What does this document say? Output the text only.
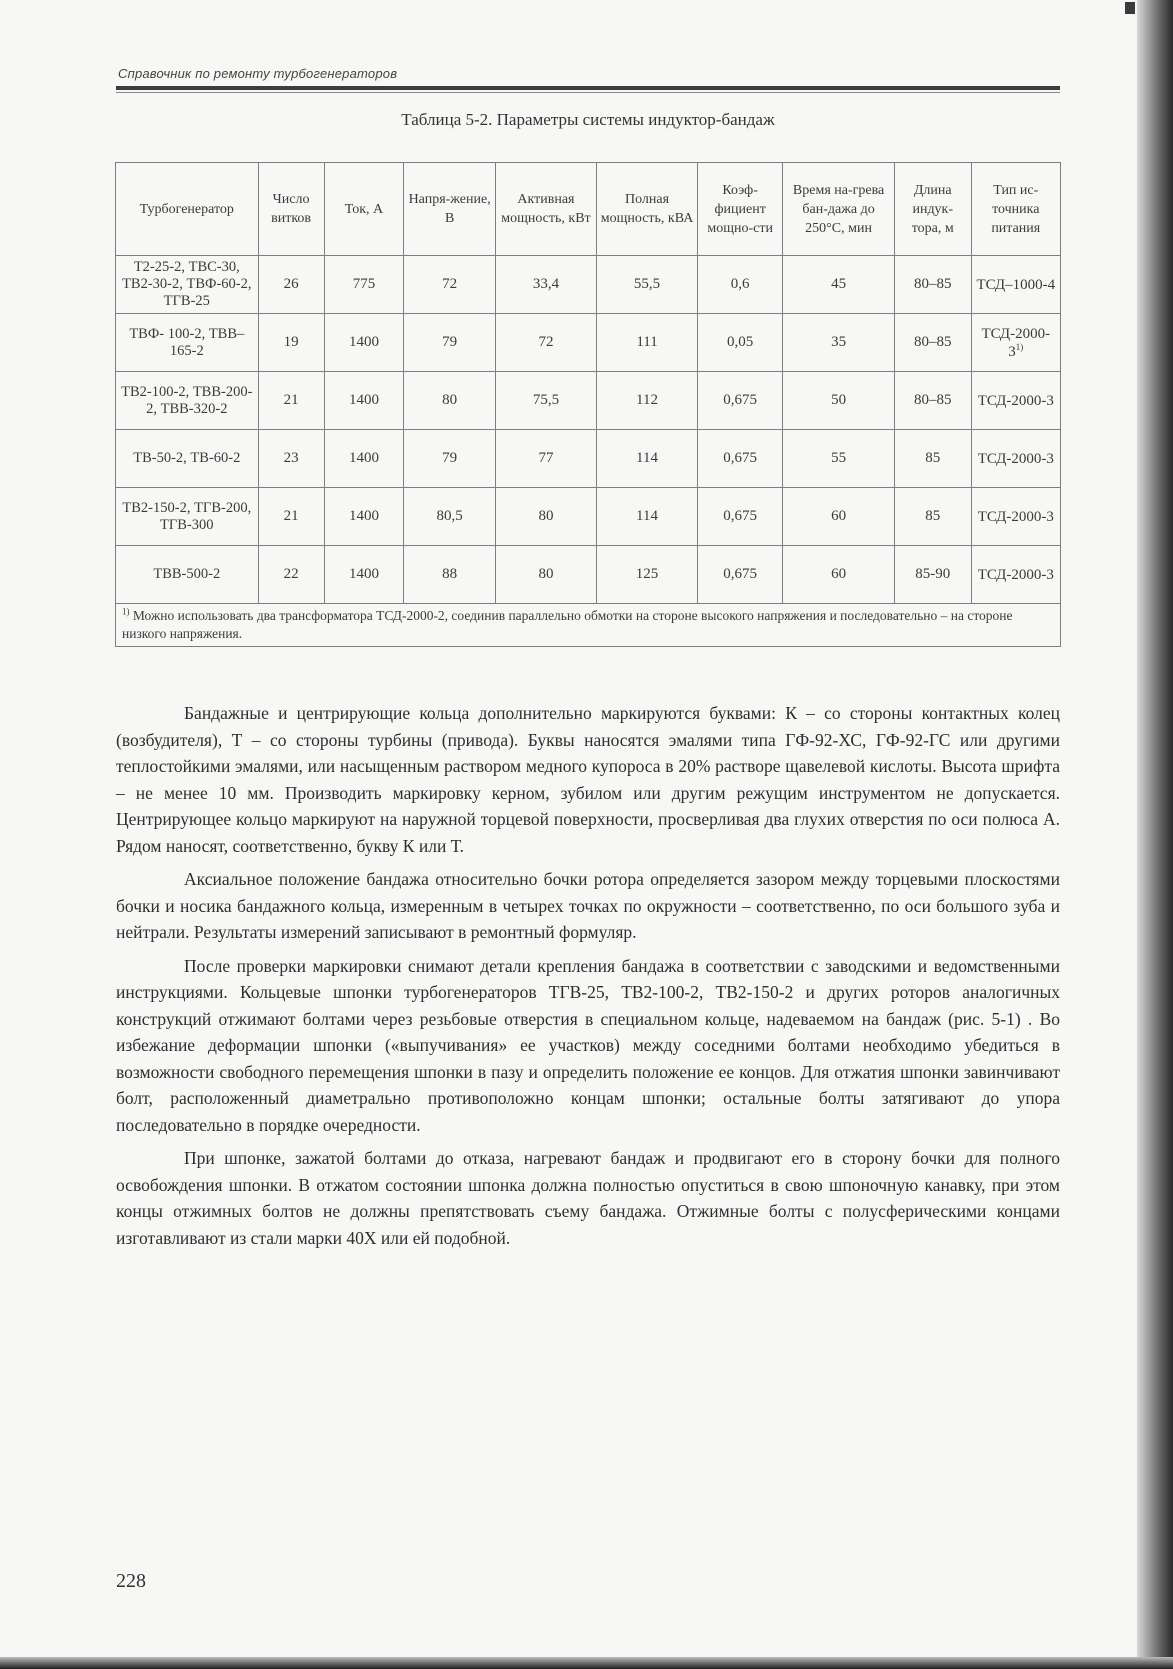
Справочник по ремонту турбогенераторов
Таблица 5-2. Параметры системы индуктор-бандаж
Турбогенератор	Число витков	Ток, А	Напря-жение, В	Активная мощность, кВт	Полная мощность, кВА	Коэф-фициент мощно-сти	Время на-грева бан-дажа до 250°С, мин	Длина индук-тора, м	Тип ис-точника питания
Т2-25-2, ТВС-30, ТВ2-30-2, ТВФ-60-2, ТГВ-25	26	775	72	33,4	55,5	0,6	45	80–85	ТСД–1000-4
ТВФ- 100-2, ТВВ– 165-2	19	1400	79	72	111	0,05	35	80–85	ТСД-2000-3$^{1)}$
ТВ2-100-2, ТВВ-200-2, ТВВ-320-2	21	1400	80	75,5	112	0,675	50	80–85	ТСД-2000-3
ТВ-50-2, ТВ-60-2	23	1400	79	77	114	0,675	55	85	ТСД-2000-3
ТВ2-150-2, ТГВ-200, ТГВ-300	21	1400	80,5	80	114	0,675	60	85	ТСД-2000-3
ТВВ-500-2	22	1400	88	80	125	0,675	60	85-90	ТСД-2000-3
$^{1)}$ Можно использовать два трансформатора ТСД-2000-2, соединив параллельно обмотки на стороне высокого напряжения и последовательно – на стороне низкого напряжения.									

Бандажные и центрирующие кольца дополнительно маркируются буквами: К – со стороны контактных колец (возбудителя), Т – со стороны турбины (привода). Буквы наносятся эмалями типа ГФ-92-ХС, ГФ-92-ГС или другими теплостойкими эмалями, или насыщенным раствором медного купороса в 20% растворе щавелевой кислоты. Высота шрифта – не менее 10 мм. Производить маркировку керном, зубилом или другим режущим инструментом не допускается. Центрирующее кольцо маркируют на наружной торцевой поверхности, просверливая два глухих отверстия по оси полюса А. Рядом наносят, соответственно, букву К или Т.

Аксиальное положение бандажа относительно бочки ротора определяется зазором между торцевыми плоскостями бочки и носика бандажного кольца, измеренным в четырех точках по окружности – соответственно, по оси большого зуба и нейтрали. Результаты измерений записывают в ремонтный формуляр.

После проверки маркировки снимают детали крепления бандажа в соответствии с заводскими и ведомственными инструкциями. Кольцевые шпонки турбогенераторов ТГВ-25, ТВ2-100-2, ТВ2-150-2 и других роторов аналогичных конструкций отжимают болтами через резьбовые отверстия в специальном кольце, надеваемом на бандаж (рис. 5-1) . Во избежание деформации шпонки («выпучивания» ее участков) между соседними болтами необходимо убедиться в возможности свободного перемещения шпонки в пазу и определить положение ее концов. Для отжатия шпонки завинчивают болт, расположенный диаметрально противоположно концам шпонки; остальные болты затягивают до упора последовательно в порядке очередности.

При шпонке, зажатой болтами до отказа, нагревают бандаж и продвигают его в сторону бочки для полного освобождения шпонки. В отжатом состоянии шпонка должна полностью опуститься в свою шпоночную канавку, при этом концы отжимных болтов не должны препятствовать съему бандажа. Отжимные болты с полусферическими концами изготавливают из стали марки 40Х или ей подобной.

228
